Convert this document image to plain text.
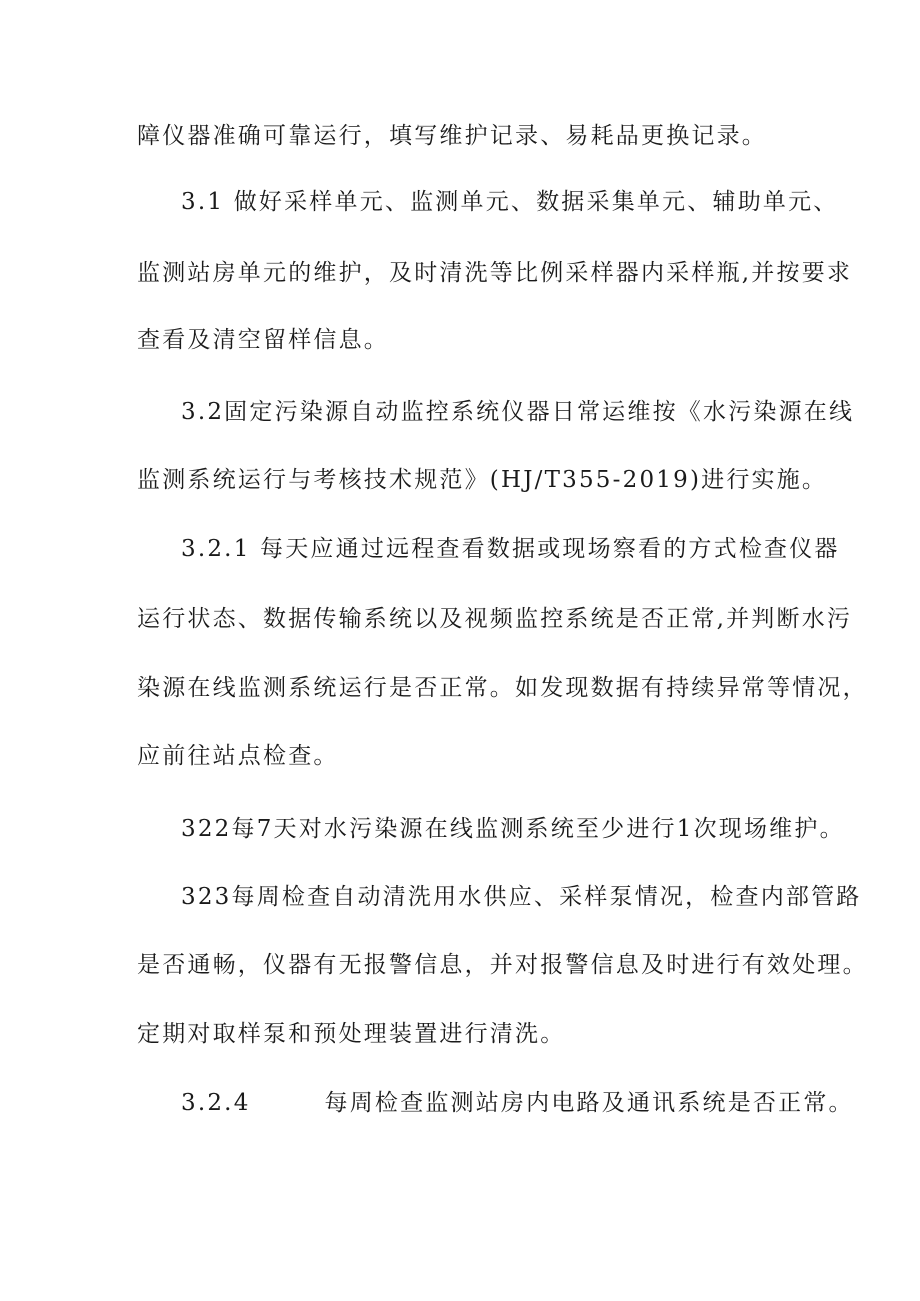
障仪器准确可靠运行，填写维护记录、易耗品更换记录。
3.1 做好采样单元、监测单元、数据采集单元、辅助单元、
监测站房单元的维护，及时清洗等比例采样器内采样瓶,并按要求
查看及清空留样信息。
3.2固定污染源自动监控系统仪器日常运维按《水污染源在线
监测系统运行与考核技术规范》(HJ/T355-2019)进行实施。
3.2.1 每天应通过远程查看数据或现场察看的方式检查仪器
运行状态、数据传输系统以及视频监控系统是否正常,并判断水污
染源在线监测系统运行是否正常。如发现数据有持续异常等情况，
应前往站点检查。
322每7天对水污染源在线监测系统至少进行1次现场维护。
323每周检查自动清洗用水供应、采样泵情况，检查内部管路
是否通畅，仪器有无报警信息，并对报警信息及时进行有效处理。
定期对取样泵和预处理装置进行清洗。
3.2.4	每周检查监测站房内电路及通讯系统是否正常。
